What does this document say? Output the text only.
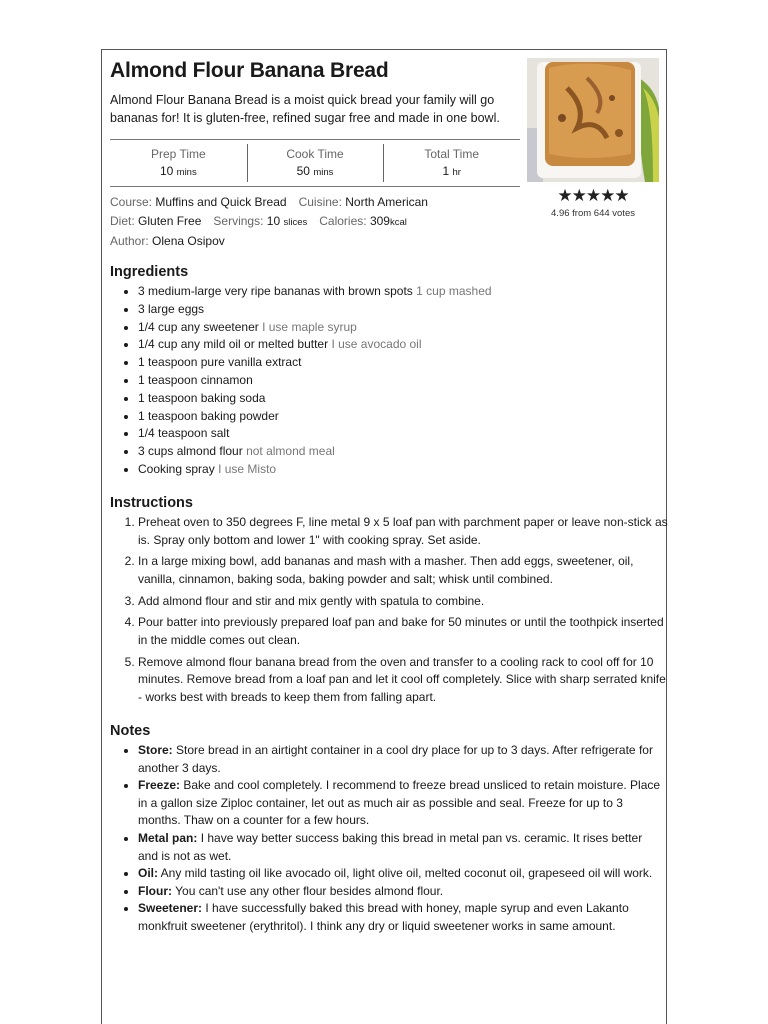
Almond Flour Banana Bread

Almond Flour Banana Bread is a moist quick bread your family will go bananas for! It is gluten-free, refined sugar free and made in one bowl.

Prep Time
10 mins
Cook Time
50 mins
Total Time
1 hr
★★★★★
4.96 from 644 votes
Course: Muffins and Quick Bread Cuisine: North American
Diet: Gluten Free Servings: 10 slices Calories: 309kcal
Author: Olena Osipov
Ingredients
• 3 medium-large very ripe bananas with brown spots 1 cup mashed
• 3 large eggs
• 1/4 cup any sweetener I use maple syrup
• 1/4 cup any mild oil or melted butter I use avocado oil
• 1 teaspoon pure vanilla extract
• 1 teaspoon cinnamon
• 1 teaspoon baking soda
• 1 teaspoon baking powder
• 1/4 teaspoon salt
• 3 cups almond flour not almond meal
• Cooking spray I use Misto
Instructions
1. Preheat oven to 350 degrees F, line metal 9 x 5 loaf pan with parchment paper or leave non-stick as is. Spray only bottom and lower 1" with cooking spray. Set aside.
2. In a large mixing bowl, add bananas and mash with a masher. Then add eggs, sweetener, oil, vanilla, cinnamon, baking soda, baking powder and salt; whisk until combined.
3. Add almond flour and stir and mix gently with spatula to combine.
4. Pour batter into previously prepared loaf pan and bake for 50 minutes or until the toothpick inserted in the middle comes out clean.
5. Remove almond flour banana bread from the oven and transfer to a cooling rack to cool off for 10 minutes. Remove bread from a loaf pan and let it cool off completely. Slice with sharp serrated knife - works best with breads to keep them from falling apart.
Notes
• Store: Store bread in an airtight container in a cool dry place for up to 3 days. After refrigerate for another 3 days.
• Freeze: Bake and cool completely. I recommend to freeze bread unsliced to retain moisture. Place in a gallon size Ziploc container, let out as much air as possible and seal. Freeze for up to 3 months. Thaw on a counter for a few hours.
• Metal pan: I have way better success baking this bread in metal pan vs. ceramic. It rises better and is not as wet.
• Oil: Any mild tasting oil like avocado oil, light olive oil, melted coconut oil, grapeseed oil will work.
• Flour: You can't use any other flour besides almond flour.
• Sweetener: I have successfully baked this bread with honey, maple syrup and even Lakanto monkfruit sweetener (erythritol). I think any dry or liquid sweetener works in same amount.
